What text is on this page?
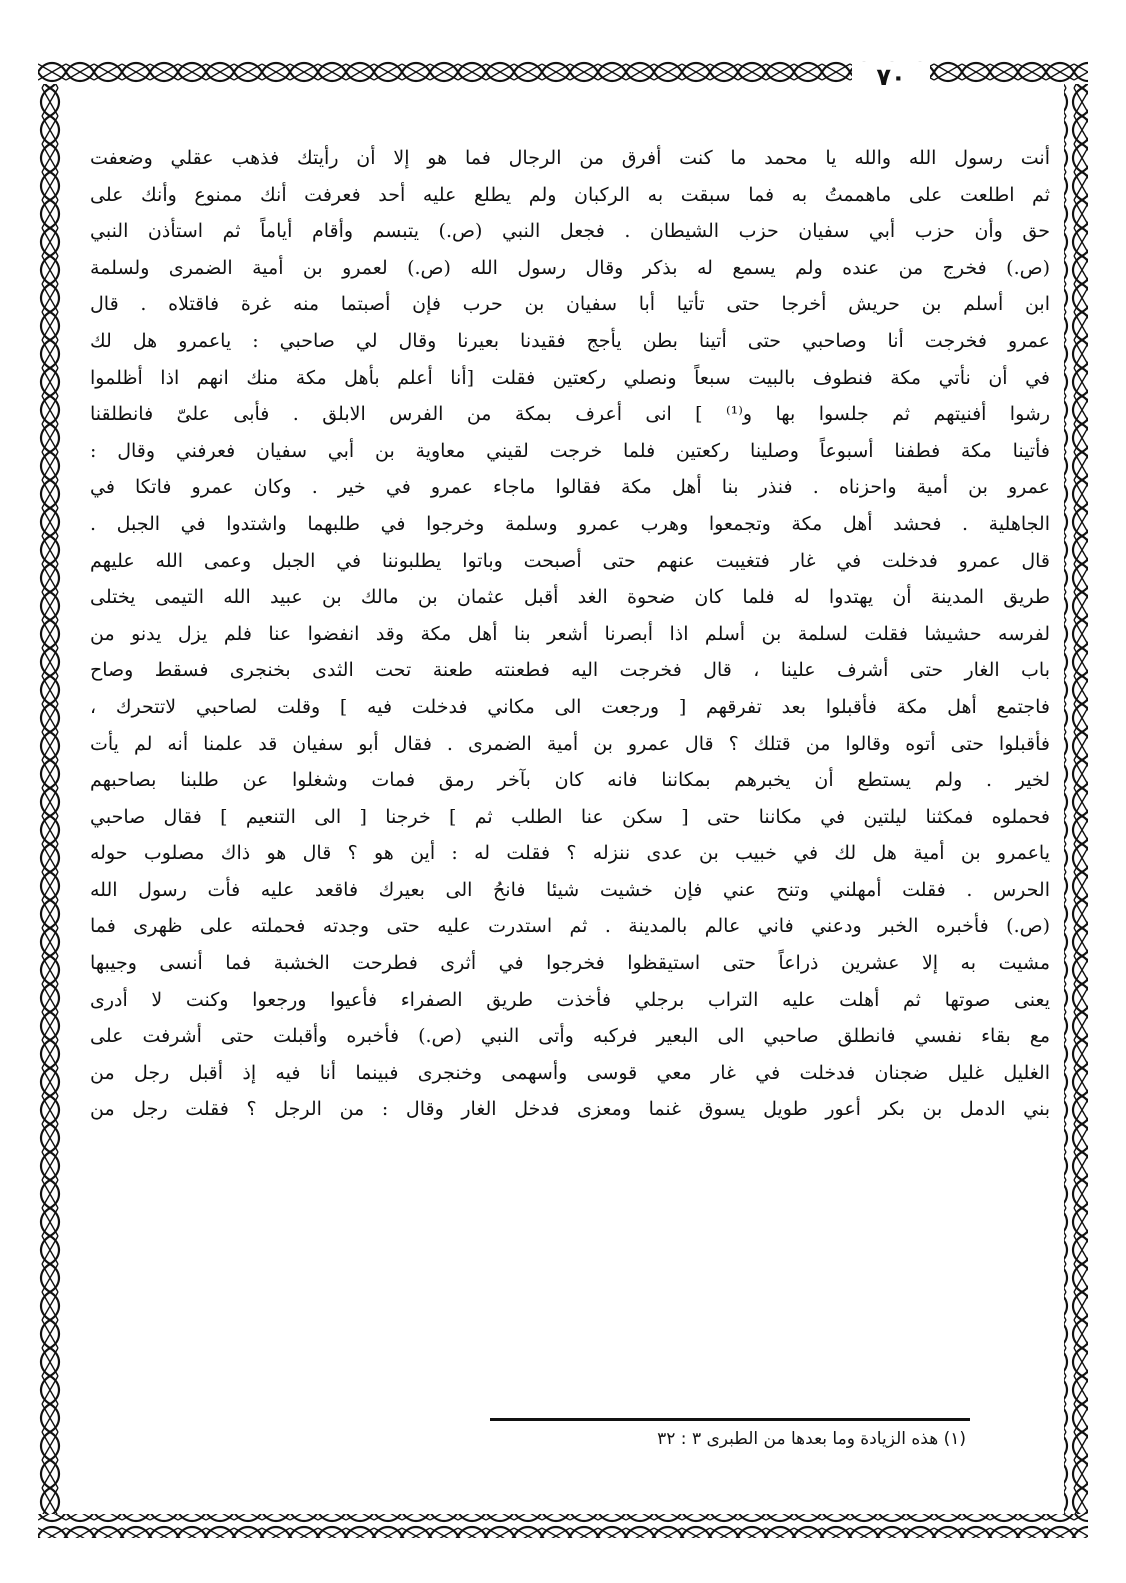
٧٠
أنت رسول الله والله يا محمد ما كنت أفرق من الرجال فما هو إلا أن رأيتك فذهب عقلي وضعفت
ثم اطلعت على ماهممتُ به فما سبقت به الركبان ولم يطلع عليه أحد فعرفت أنك ممنوع وأنك على
حق وأن حزب أبي سفيان حزب الشيطان . فجعل النبي (ص.) يتبسم وأقام أياماً ثم استأذن النبي
(ص.) فخرج من عنده ولم يسمع له بذكر وقال رسول الله (ص.) لعمرو بن أمية الضمرى ولسلمة
ابن أسلم بن حريش أخرجا حتى تأتيا أبا سفيان بن حرب فإن أصبتما منه غرة فاقتلاه . قال
عمرو فخرجت أنا وصاحبي حتى أتينا بطن يأجج فقيدنا بعيرنا وقال لي صاحبي : ياعمرو هل لك
في أن نأتي مكة فنطوف بالبيت سبعاً ونصلي ركعتين فقلت [أنا أعلم بأهل مكة منك انهم اذا أظلموا
رشوا أفنيتهم ثم جلسوا بها و⁽¹⁾ ] انى أعرف بمكة من الفرس الابلق . فأبى علىّ فانطلقنا
فأتينا مكة فطفنا أسبوعاً وصلينا ركعتين فلما خرجت لقيني معاوية بن أبي سفيان فعرفني وقال :
عمرو بن أمية واحزناه . فنذر بنا أهل مكة فقالوا ماجاء عمرو في خير . وكان عمرو فاتكا في
الجاهلية . فحشد أهل مكة وتجمعوا وهرب عمرو وسلمة وخرجوا في طلبهما واشتدوا في الجبل .
قال عمرو فدخلت في غار فتغيبت عنهم حتى أصبحت وباتوا يطلبوننا في الجبل وعمى الله عليهم
طريق المدينة أن يهتدوا له فلما كان ضحوة الغد أقبل عثمان بن مالك بن عبيد الله التيمى يختلى
لفرسه حشيشا فقلت لسلمة بن أسلم اذا أبصرنا أشعر بنا أهل مكة وقد انفضوا عنا فلم يزل يدنو من
باب الغار حتى أشرف علينا ، قال فخرجت اليه فطعنته طعنة تحت الثدى بخنجرى فسقط وصاح
فاجتمع أهل مكة فأقبلوا بعد تفرقهم [ ورجعت الى مكاني فدخلت فيه ] وقلت لصاحبي لاتتحرك ،
فأقبلوا حتى أتوه وقالوا من قتلك ؟ قال عمرو بن أمية الضمرى . فقال أبو سفيان قد علمنا أنه لم يأت
لخير . ولم يستطع أن يخبرهم بمكاننا فانه كان بآخر رمق فمات وشغلوا عن طلبنا بصاحبهم
فحملوه فمكثنا ليلتين في مكاننا حتى [ سكن عنا الطلب ثم ] خرجنا [ الى التنعيم ] فقال صاحبي
ياعمرو بن أمية هل لك في خبيب بن عدى ننزله ؟ فقلت له : أين هو ؟ قال هو ذاك مصلوب حوله
الحرس . فقلت أمهلني وتنح عني فإن خشيت شيئا فانحُ الى بعيرك فاقعد عليه فأت رسول الله
(ص.) فأخبره الخبر ودعني فاني عالم بالمدينة . ثم استدرت عليه حتى وجدته فحملته على ظهرى فما
مشيت به إلا عشرين ذراعاً حتى استيقظوا فخرجوا في أثرى فطرحت الخشبة فما أنسى وجيبها
يعنى صوتها ثم أهلت عليه التراب برجلي فأخذت طريق الصفراء فأعيوا ورجعوا وكنت لا أدرى
مع بقاء نفسي فانطلق صاحبي الى البعير فركبه وأتى النبي (ص.) فأخبره وأقبلت حتى أشرفت على
الغليل غليل ضجنان فدخلت في غار معي قوسى وأسهمى وخنجرى فبينما أنا فيه إذ أقبل رجل من
بني الدمل بن بكر أعور طويل يسوق غنما ومعزى فدخل الغار وقال : من الرجل ؟ فقلت رجل من
(١) هذه الزيادة وما بعدها من الطبرى ٣ : ٣٢
